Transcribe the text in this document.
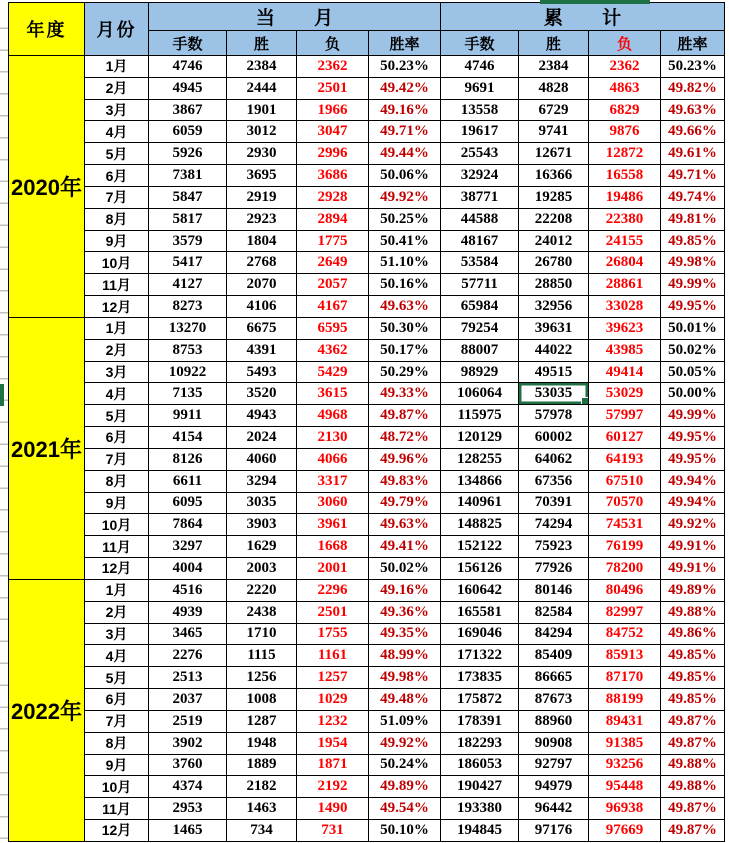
年度	月份	当 月				累 计			
		手数	胜	负	胜率	手数	胜	负	胜率
2020年	1月	4746	2384	2362	50.23%	4746	2384	2362	50.23%
	2月	4945	2444	2501	49.42%	9691	4828	4863	49.82%
	3月	3867	1901	1966	49.16%	13558	6729	6829	49.63%
	4月	6059	3012	3047	49.71%	19617	9741	9876	49.66%
	5月	5926	2930	2996	49.44%	25543	12671	12872	49.61%
	6月	7381	3695	3686	50.06%	32924	16366	16558	49.71%
	7月	5847	2919	2928	49.92%	38771	19285	19486	49.74%
	8月	5817	2923	2894	50.25%	44588	22208	22380	49.81%
	9月	3579	1804	1775	50.41%	48167	24012	24155	49.85%
	10月	5417	2768	2649	51.10%	53584	26780	26804	49.98%
	11月	4127	2070	2057	50.16%	57711	28850	28861	49.99%
	12月	8273	4106	4167	49.63%	65984	32956	33028	49.95%
2021年	1月	13270	6675	6595	50.30%	79254	39631	39623	50.01%
	2月	8753	4391	4362	50.17%	88007	44022	43985	50.02%
	3月	10922	5493	5429	50.29%	98929	49515	49414	50.05%
	4月	7135	3520	3615	49.33%	106064	53035	53029	50.00%
	5月	9911	4943	4968	49.87%	115975	57978	57997	49.99%
	6月	4154	2024	2130	48.72%	120129	60002	60127	49.95%
	7月	8126	4060	4066	49.96%	128255	64062	64193	49.95%
	8月	6611	3294	3317	49.83%	134866	67356	67510	49.94%
	9月	6095	3035	3060	49.79%	140961	70391	70570	49.94%
	10月	7864	3903	3961	49.63%	148825	74294	74531	49.92%
	11月	3297	1629	1668	49.41%	152122	75923	76199	49.91%
	12月	4004	2003	2001	50.02%	156126	77926	78200	49.91%
2022年	1月	4516	2220	2296	49.16%	160642	80146	80496	49.89%
	2月	4939	2438	2501	49.36%	165581	82584	82997	49.88%
	3月	3465	1710	1755	49.35%	169046	84294	84752	49.86%
	4月	2276	1115	1161	48.99%	171322	85409	85913	49.85%
	5月	2513	1256	1257	49.98%	173835	86665	87170	49.85%
	6月	2037	1008	1029	49.48%	175872	87673	88199	49.85%
	7月	2519	1287	1232	51.09%	178391	88960	89431	49.87%
	8月	3902	1948	1954	49.92%	182293	90908	91385	49.87%
	9月	3760	1889	1871	50.24%	186053	92797	93256	49.88%
	10月	4374	2182	2192	49.89%	190427	94979	95448	49.88%
	11月	2953	1463	1490	49.54%	193380	96442	96938	49.87%
	12月	1465	734	731	50.10%	194845	97176	97669	49.87%
